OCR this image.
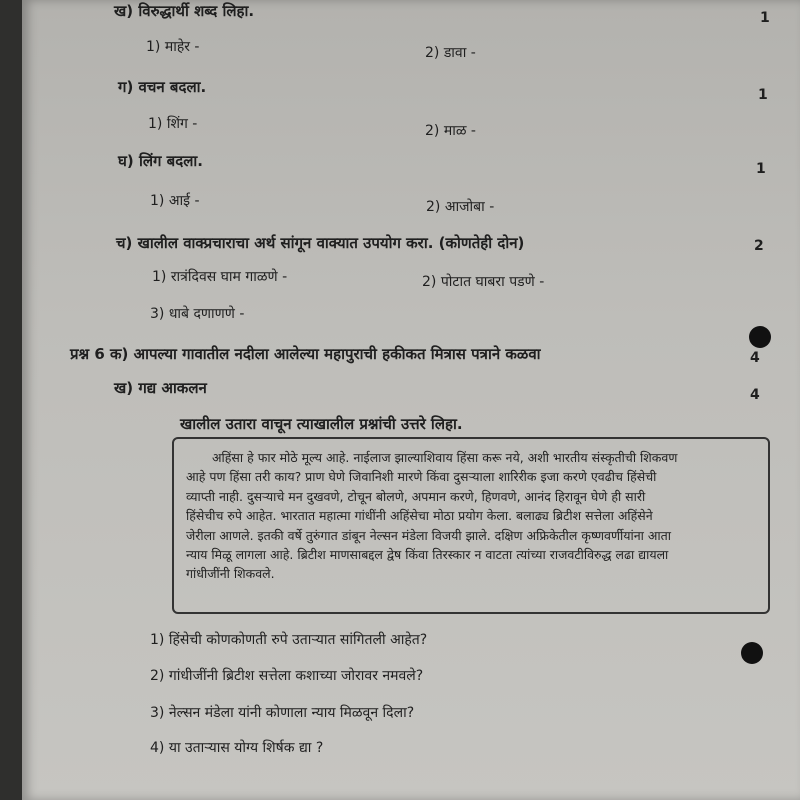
ख) विरुद्धार्थी शब्द लिहा.	1
1) माहेर -	2) डावा -
ग) वचन बदला.	1
1) शिंग -	2) माळ -
घ) लिंग बदला.	1
1) आई -	2) आजोबा -
च) खालील वाक्प्रचाराचा अर्थ सांगून वाक्यात उपयोग करा. (कोणतेही दोन)	2
1) रात्रंदिवस घाम गाळणे -	2) पोटात घाबरा पडणे -
3) धाबे दणाणणे -
प्रश्न 6 क) आपल्या गावातील नदीला आलेल्या महापुराची हकीकत मित्रास पत्राने कळवा	4
ख) गद्य आकलन	4
खालील उतारा वाचून त्याखालील प्रश्नांची उत्तरे लिहा.
अहिंसा हे फार मोठे मूल्य आहे. नाईलाज झाल्याशिवाय हिंसा करू नये, अशी भारतीय संस्कृतीची शिकवण
आहे पण हिंसा तरी काय? प्राण घेणे जिवानिशी मारणे किंवा दुसऱ्याला शारिरीक इजा करणे एवढीच हिंसेची
व्याप्ती नाही. दुसऱ्याचे मन दुखवणे, टोचून बोलणे, अपमान करणे, हिणवणे, आनंद हिरावून घेणे ही सारी
हिंसेचीच रुपे आहेत. भारतात महात्मा गांधींनी अहिंसेचा मोठा प्रयोग केला. बलाढ्य ब्रिटीश सत्तेला अहिंसेने
जेरीला आणले. इतकी वर्षे तुरुंगात डांबून नेल्सन मंडेला विजयी झाले. दक्षिण अफ्रिकेतील कृष्णवर्णीयांना आता
न्याय मिळू लागला आहे. ब्रिटीश माणसाबद्दल द्वेष किंवा तिरस्कार न वाटता त्यांच्या राजवटीविरुद्ध लढा द्यायला
गांधीजींनी शिकवले.
1) हिंसेची कोणकोणती रुपे उताऱ्यात सांगितली आहेत?
2) गांधीजींनी ब्रिटीश सत्तेला कशाच्या जोरावर नमवले?
3) नेल्सन मंडेला यांनी कोणाला न्याय मिळवून दिला?
4) या उताऱ्यास योग्य शिर्षक द्या ?
